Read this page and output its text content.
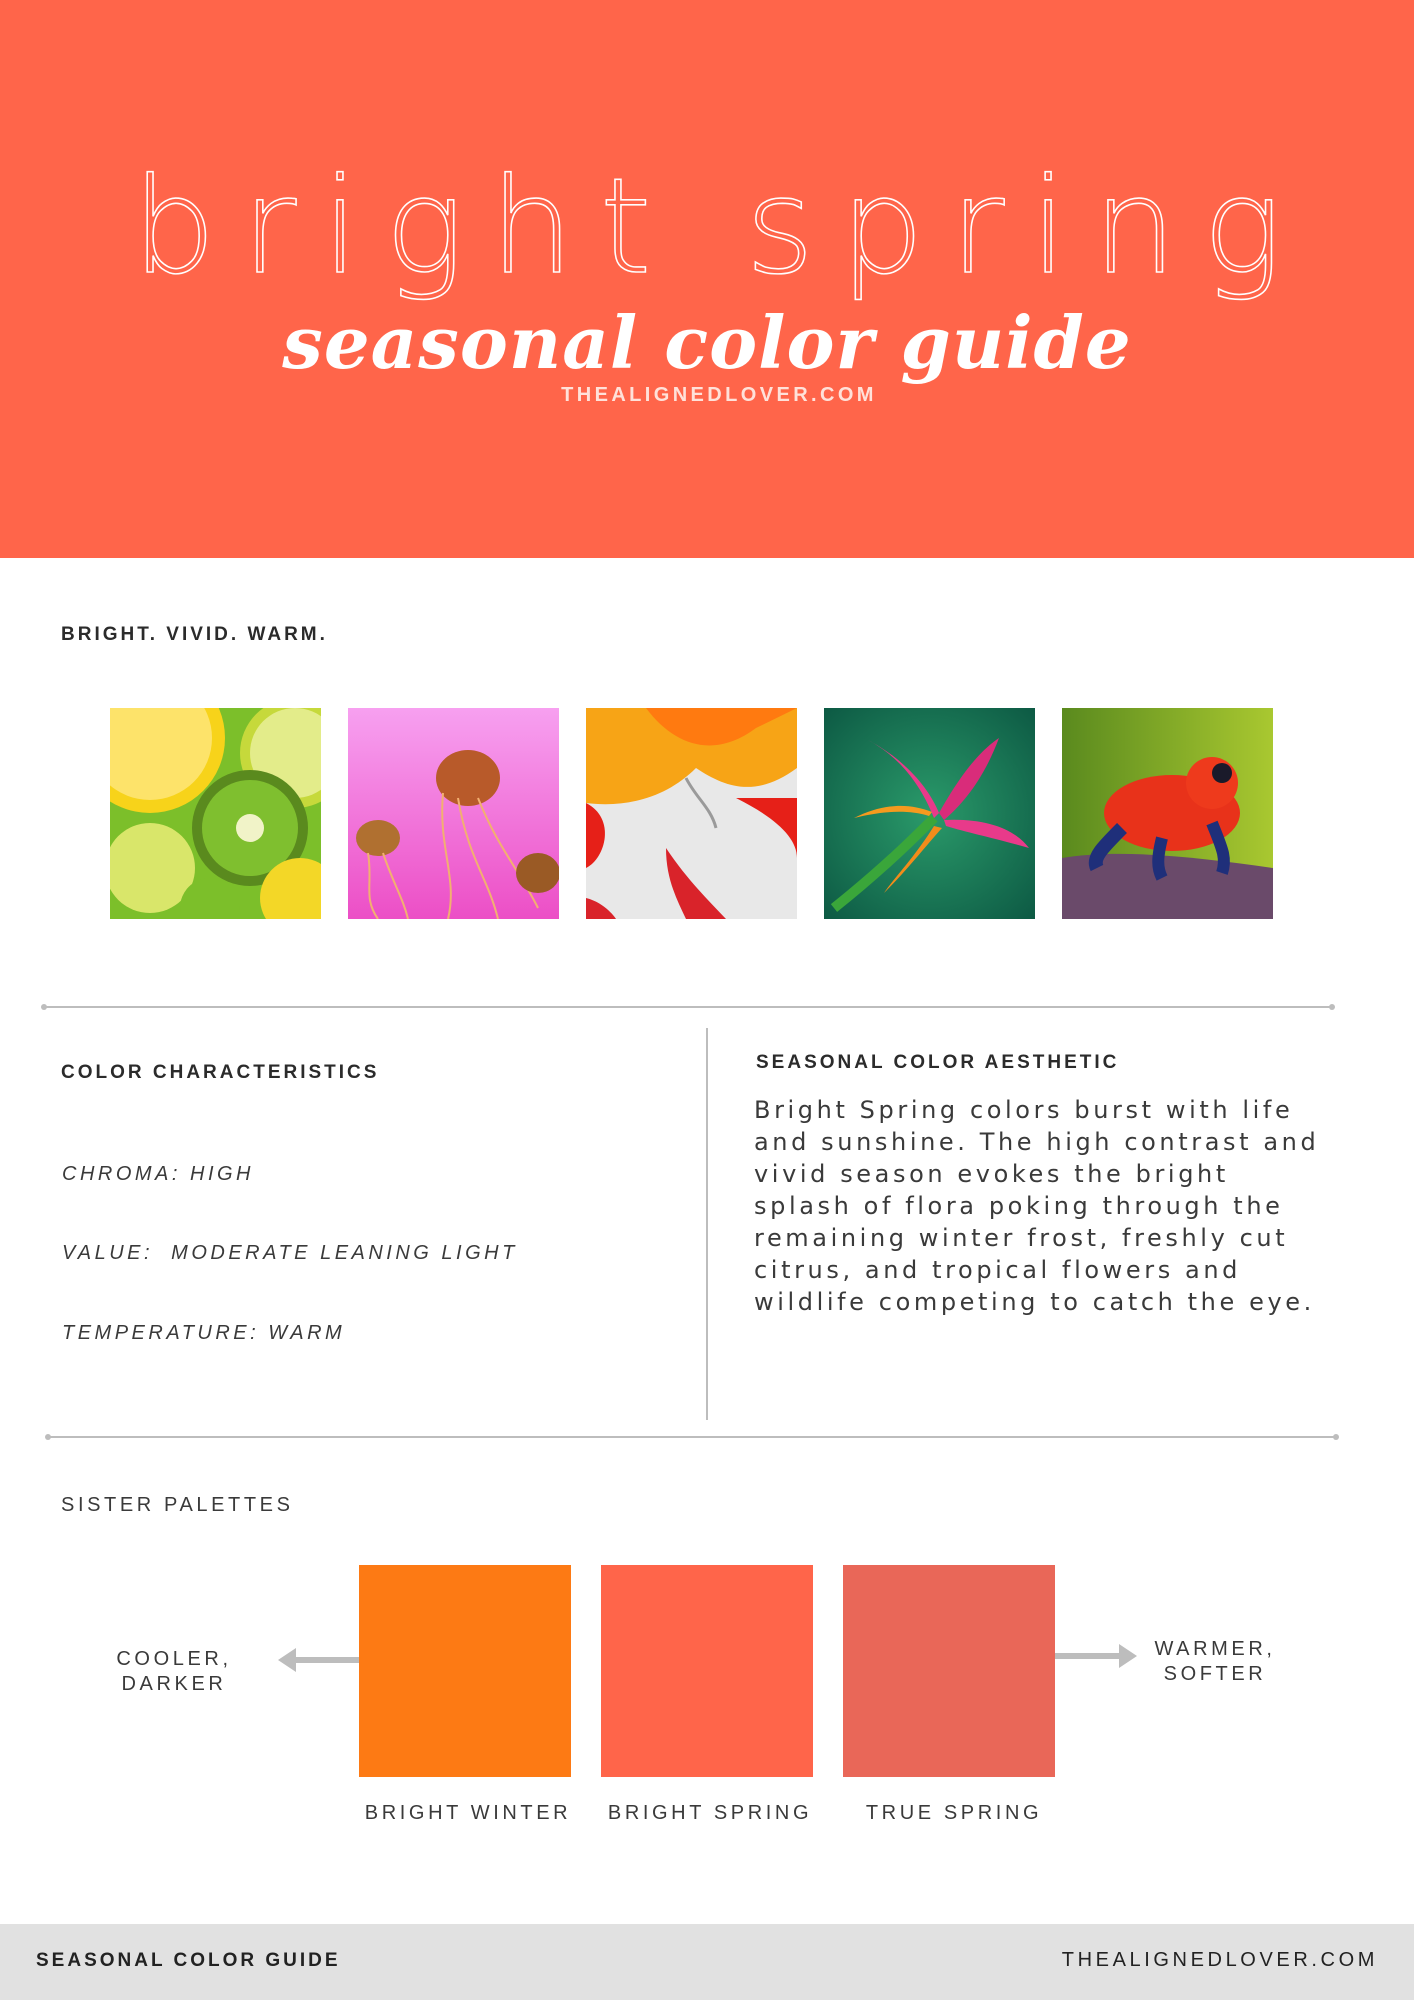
bright spring
seasonal color guide
THEALIGNEDLOVER.COM
BRIGHT. VIVID. WARM.
COLOR CHARACTERISTICS
CHROMA: HIGH
VALUE:  MODERATE LEANING LIGHT
TEMPERATURE: WARM
SEASONAL COLOR AESTHETIC
Bright Spring colors burst with life and sunshine. The high contrast and vivid season evokes the bright splash of flora poking through the remaining winter frost, freshly cut citrus, and tropical flowers and wildlife competing to catch the eye.
SISTER PALETTES
COOLER,
DARKER
WARMER,
SOFTER
BRIGHT WINTER	BRIGHT SPRING	TRUE SPRING
SEASONAL COLOR GUIDE	THEALIGNEDLOVER.COM
